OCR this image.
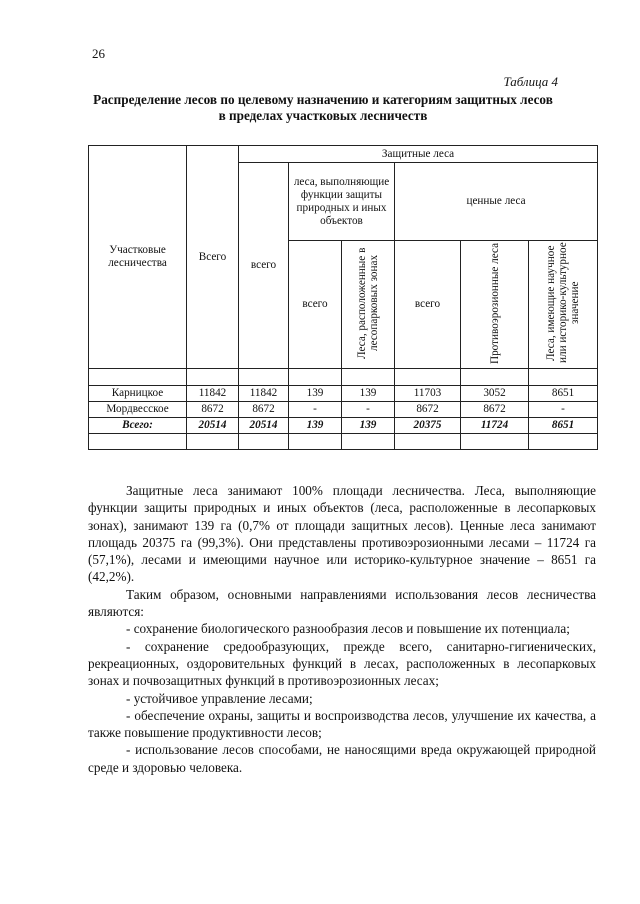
26
Таблица 4
Распределение лесов по целевому назначению и категориям защитных лесов в пределах участковых лесничеств
Участковые лесничества	Всего	Защитные леса					
		всего	леса, выполняющие функции защиты природных и иных объектов		ценные леса		
			всего	Леса, расположенные в лесопарковых зонах	всего	Противоэрозионные леса	Леса, имеющие научное или историко-культурное значение

Карницкое	11842	11842	139	139	11703	3052	8651
Мордвесское	8672	8672	-	-	8672	8672	-
Всего:	20514	20514	139	139	20375	11724	8651

Защитные леса занимают 100% площади лесничества. Леса, выполняющие функции защиты природных и иных объектов (леса, расположенные в лесопарковых зонах), занимают 139 га (0,7% от площади защитных лесов). Ценные леса занимают площадь 20375 га (99,3%). Они представлены противоэрозионными лесами – 11724 га (57,1%), лесами и имеющими научное или историко-культурное значение – 8651 га (42,2%).

Таким образом, основными направлениями использования лесов лесничества являются:

- сохранение биологического разнообразия лесов и повышение их потенциала;

- сохранение средообразующих, прежде всего, санитарно-гигиенических, рекреационных, оздоровительных функций в лесах, расположенных в лесопарковых зонах и почвозащитных функций в противоэрозионных лесах;

- устойчивое управление лесами;

- обеспечение охраны, защиты и воспроизводства лесов, улучшение их качества, а также повышение продуктивности лесов;

- использование лесов способами, не наносящими вреда окружающей природной среде и здоровью человека.
